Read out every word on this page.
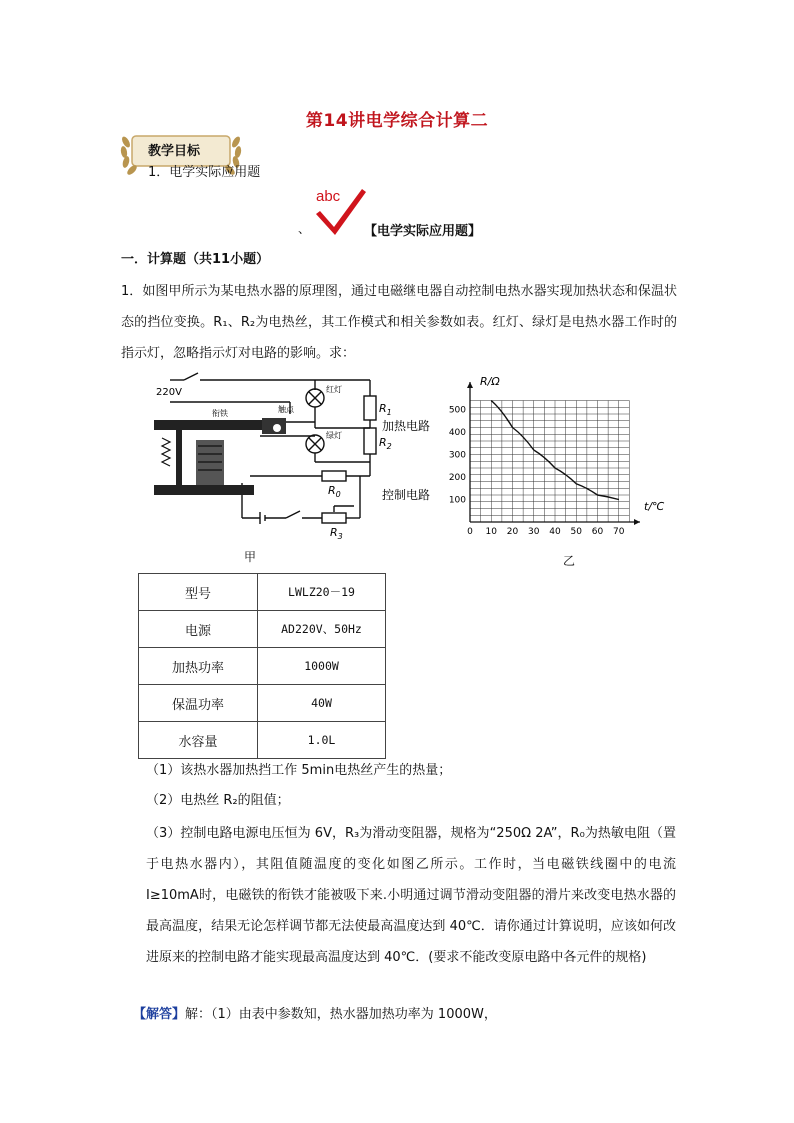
第14讲电学综合计算二
教学目标
1．电学实际应用题
abc
、	【电学实际应用题】
一．计算题（共11小题）
1．如图甲所示为某电热水器的原理图，通过电磁继电器自动控制电热水器实现加热状态和保温状态的挡位变换。R₁、R₂为电热丝，其工作模式和相关参数如表。红灯、绿灯是电热水器工作时的指示灯，忽略指示灯对电路的影响。求：
220V
衔铁	触点
红灯
绿灯
$R_1$
$R_2$
$R_0$
$R_3$
加热电路
控制电路
甲
0 10 20 30 40 50 60 70
100
200
300
400
500
R/Ω
t/℃
乙
型号	LWLZ20－19
电源	AD220V、50Hz
加热功率	1000W
保温功率	40W
水容量	1.0L
（1）该热水器加热挡工作 5min电热丝产生的热量；
（2）电热丝 R₂的阻值；
（3）控制电路电源电压恒为 6V，R₃为滑动变阻器，规格为“250Ω 2A”，R₀为热敏电阻（置于电热水器内），其阻值随温度的变化如图乙所示。工作时，当电磁铁线圈中的电流 I≥10mA时，电磁铁的衔铁才能被吸下来.小明通过调节滑动变阻器的滑片来改变电热水器的最高温度，结果无论怎样调节都无法使最高温度达到 40℃．请你通过计算说明，应该如何改进原来的控制电路才能实现最高温度达到 40℃．(要求不能改变原电路中各元件的规格)
【解答】解：（1）由表中参数知，热水器加热功率为 1000W，
